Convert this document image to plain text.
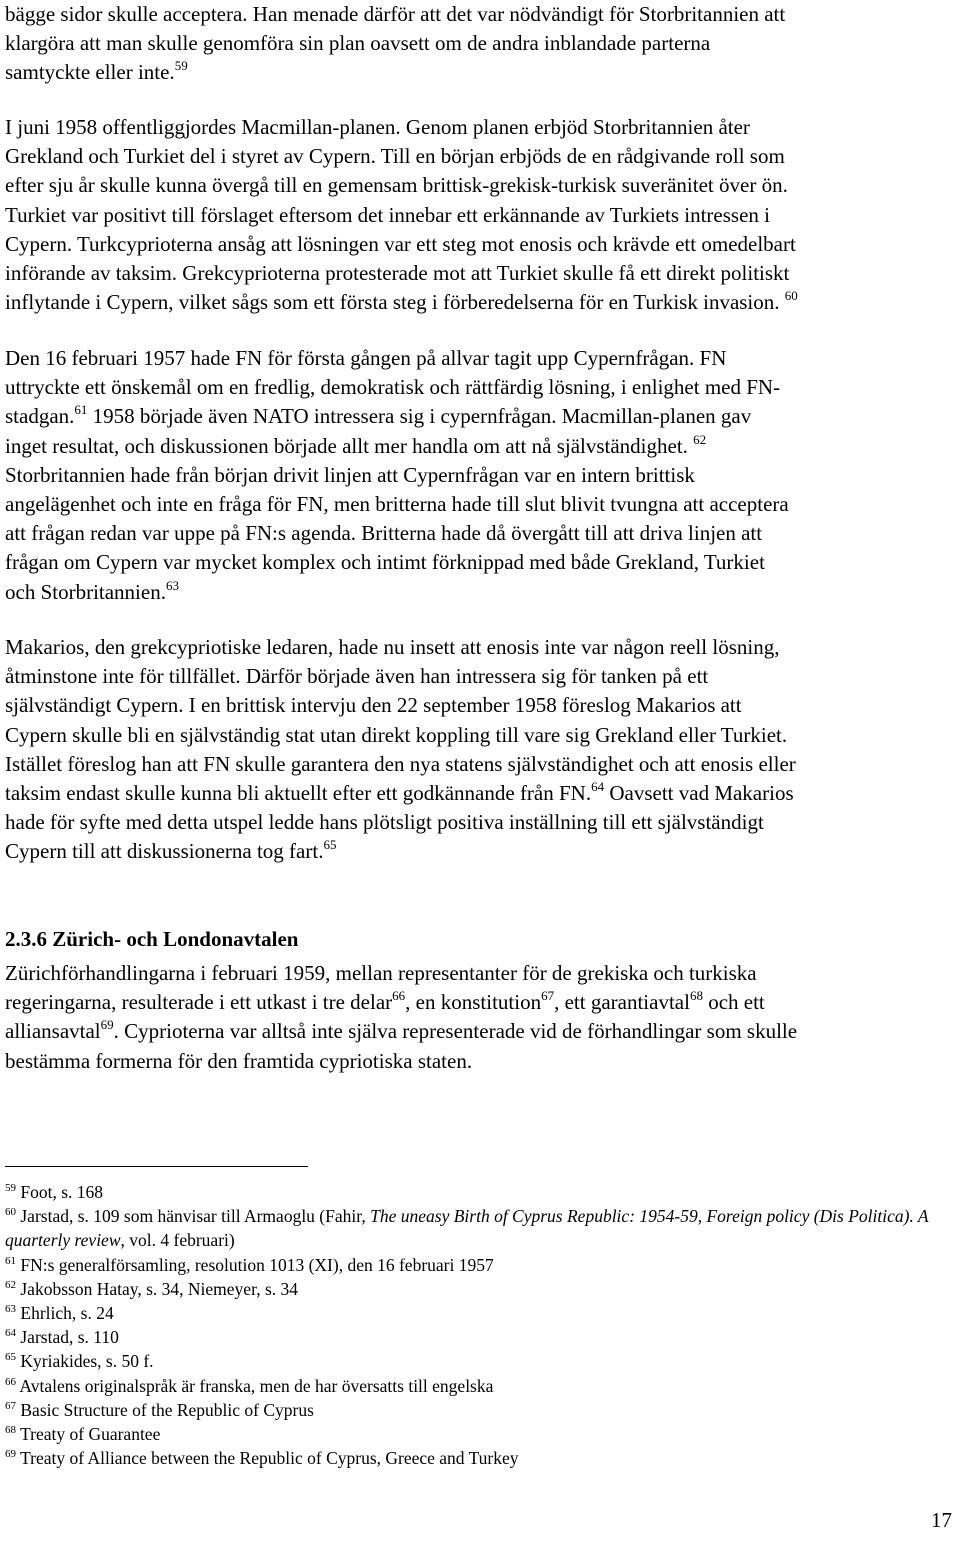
bägge sidor skulle acceptera. Han menade därför att det var nödvändigt för Storbritannien att
klargöra att man skulle genomföra sin plan oavsett om de andra inblandade parterna
samtyckte eller inte.$^{59}$

I juni 1958 offentliggjordes Macmillan-planen. Genom planen erbjöd Storbritannien åter
Grekland och Turkiet del i styret av Cypern. Till en början erbjöds de en rådgivande roll som
efter sju år skulle kunna övergå till en gemensam brittisk-grekisk-turkisk suveränitet över ön.
Turkiet var positivt till förslaget eftersom det innebar ett erkännande av Turkiets intressen i
Cypern. Turkcyprioterna ansåg att lösningen var ett steg mot enosis och krävde ett omedelbart
införande av taksim. Grekcyprioterna protesterade mot att Turkiet skulle få ett direkt politiskt
inflytande i Cypern, vilket sågs som ett första steg i förberedelserna för en Turkisk invasion. $^{60}$

Den 16 februari 1957 hade FN för första gången på allvar tagit upp Cypernfrågan. FN
uttryckte ett önskemål om en fredlig, demokratisk och rättfärdig lösning, i enlighet med FN-
stadgan.$^{61}$ 1958 började även NATO intressera sig i cypernfrågan. Macmillan-planen gav
inget resultat, och diskussionen började allt mer handla om att nå självständighet. $^{62}$
Storbritannien hade från början drivit linjen att Cypernfrågan var en intern brittisk
angelägenhet och inte en fråga för FN, men britterna hade till slut blivit tvungna att acceptera
att frågan redan var uppe på FN:s agenda. Britterna hade då övergått till att driva linjen att
frågan om Cypern var mycket komplex och intimt förknippad med både Grekland, Turkiet
och Storbritannien.$^{63}$

Makarios, den grekcypriotiske ledaren, hade nu insett att enosis inte var någon reell lösning,
åtminstone inte för tillfället. Därför började även han intressera sig för tanken på ett
självständigt Cypern. I en brittisk intervju den 22 september 1958 föreslog Makarios att
Cypern skulle bli en självständig stat utan direkt koppling till vare sig Grekland eller Turkiet.
Istället föreslog han att FN skulle garantera den nya statens självständighet och att enosis eller
taksim endast skulle kunna bli aktuellt efter ett godkännande från FN.$^{64}$ Oavsett vad Makarios
hade för syfte med detta utspel ledde hans plötsligt positiva inställning till ett självständigt
Cypern till att diskussionerna tog fart.$^{65}$

2.3.6 Zürich- och Londonavtalen

Zürichförhandlingarna i februari 1959, mellan representanter för de grekiska och turkiska
regeringarna, resulterade i ett utkast i tre delar$^{66}$, en konstitution$^{67}$, ett garantiavtal$^{68}$ och ett
alliansavtal$^{69}$. Cyprioterna var alltså inte själva representerade vid de förhandlingar som skulle
bestämma formerna för den framtida cypriotiska staten.

$^{59}$ Foot, s. 168

$^{60}$ Jarstad, s. 109 som hänvisar till Armaoglu (Fahir, The uneasy Birth of Cyprus Republic: 1954-59, Foreign policy (Dis Politica). A quarterly review, vol. 4 februari)

$^{61}$ FN:s generalförsamling, resolution 1013 (XI), den 16 februari 1957

$^{62}$ Jakobsson Hatay, s. 34, Niemeyer, s. 34

$^{63}$ Ehrlich, s. 24

$^{64}$ Jarstad, s. 110

$^{65}$ Kyriakides, s. 50 f.

$^{66}$ Avtalens originalspråk är franska, men de har översatts till engelska

$^{67}$ Basic Structure of the Republic of Cyprus

$^{68}$ Treaty of Guarantee

$^{69}$ Treaty of Alliance between the Republic of Cyprus, Greece and Turkey

17
